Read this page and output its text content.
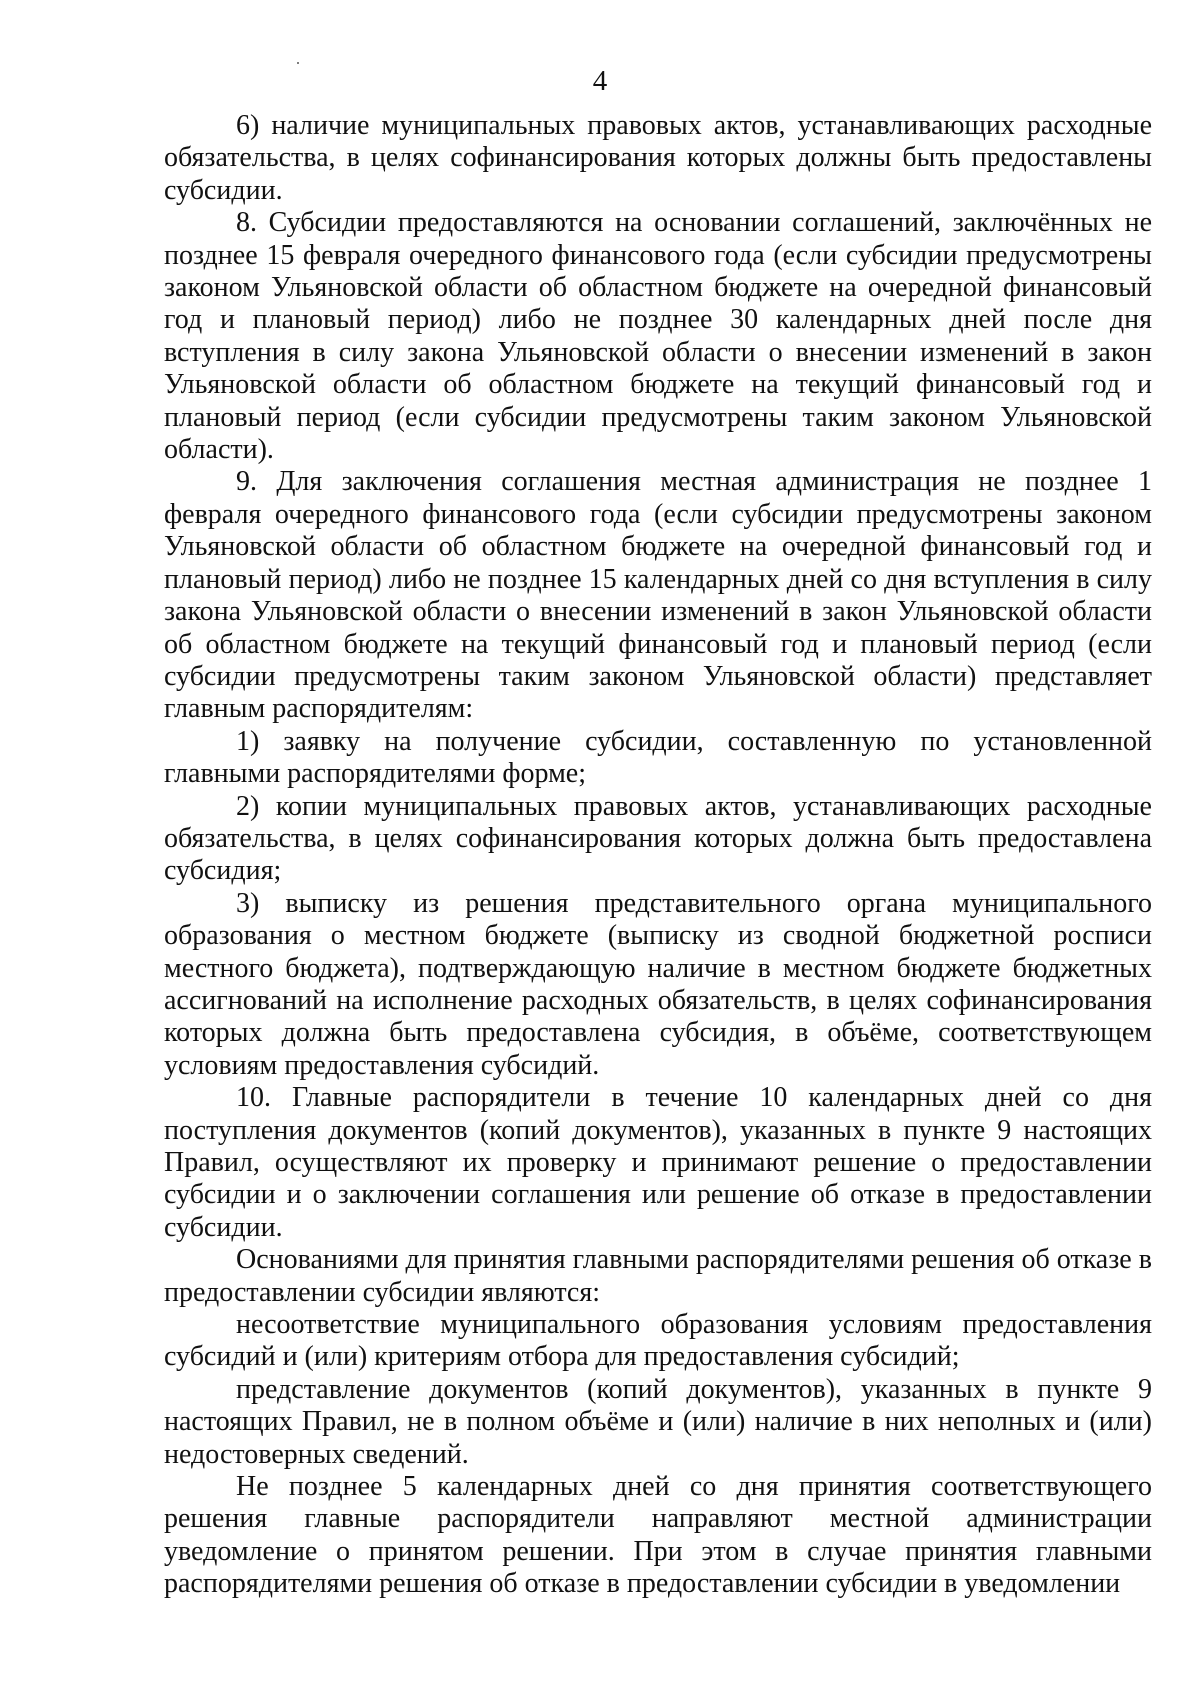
4

6) наличие муниципальных правовых актов, устанавливающих расходные обязательства, в целях софинансирования которых должны быть предоставлены субсидии.

8. Субсидии предоставляются на основании соглашений, заключённых не позднее 15 февраля очередного финансового года (если субсидии предусмотрены законом Ульяновской области об областном бюджете на очередной финансовый год и плановый период) либо не позднее 30 календарных дней после дня вступления в силу закона Ульяновской области о внесении изменений в закон Ульяновской области об областном бюджете на текущий финансовый год и плановый период (если субсидии предусмотрены таким законом Ульяновской области).

9. Для заключения соглашения местная администрация не позднее 1 февраля очередного финансового года (если субсидии предусмотрены законом Ульяновской области об областном бюджете на очередной финансовый год и плановый период) либо не позднее 15 календарных дней со дня вступления в силу закона Ульяновской области о внесении изменений в закон Ульяновской области об областном бюджете на текущий финансовый год и плановый период (если субсидии предусмотрены таким законом Ульяновской области) представляет главным распорядителям:

1) заявку на получение субсидии, составленную по установленной главными распорядителями форме;

2) копии муниципальных правовых актов, устанавливающих расходные обязательства, в целях софинансирования которых должна быть предоставлена субсидия;

3) выписку из решения представительного органа муниципального образования о местном бюджете (выписку из сводной бюджетной росписи местного бюджета), подтверждающую наличие в местном бюджете бюджетных ассигнований на исполнение расходных обязательств, в целях софинансирования которых должна быть предоставлена субсидия, в объёме, соответствующем условиям предоставления субсидий.

10. Главные распорядители в течение 10 календарных дней со дня поступления документов (копий документов), указанных в пункте 9 настоящих Правил, осуществляют их проверку и принимают решение о предоставлении субсидии и о заключении соглашения или решение об отказе в предоставлении субсидии.

Основаниями для принятия главными распорядителями решения об отказе в предоставлении субсидии являются:

несоответствие муниципального образования условиям предоставления субсидий и (или) критериям отбора для предоставления субсидий;

представление документов (копий документов), указанных в пункте 9 настоящих Правил, не в полном объёме и (или) наличие в них неполных и (или) недостоверных сведений.

Не позднее 5 календарных дней со дня принятия соответствующего решения главные распорядители направляют местной администрации уведомление о принятом решении. При этом в случае принятия главными распорядителями решения об отказе в предоставлении субсидии в уведомлении
